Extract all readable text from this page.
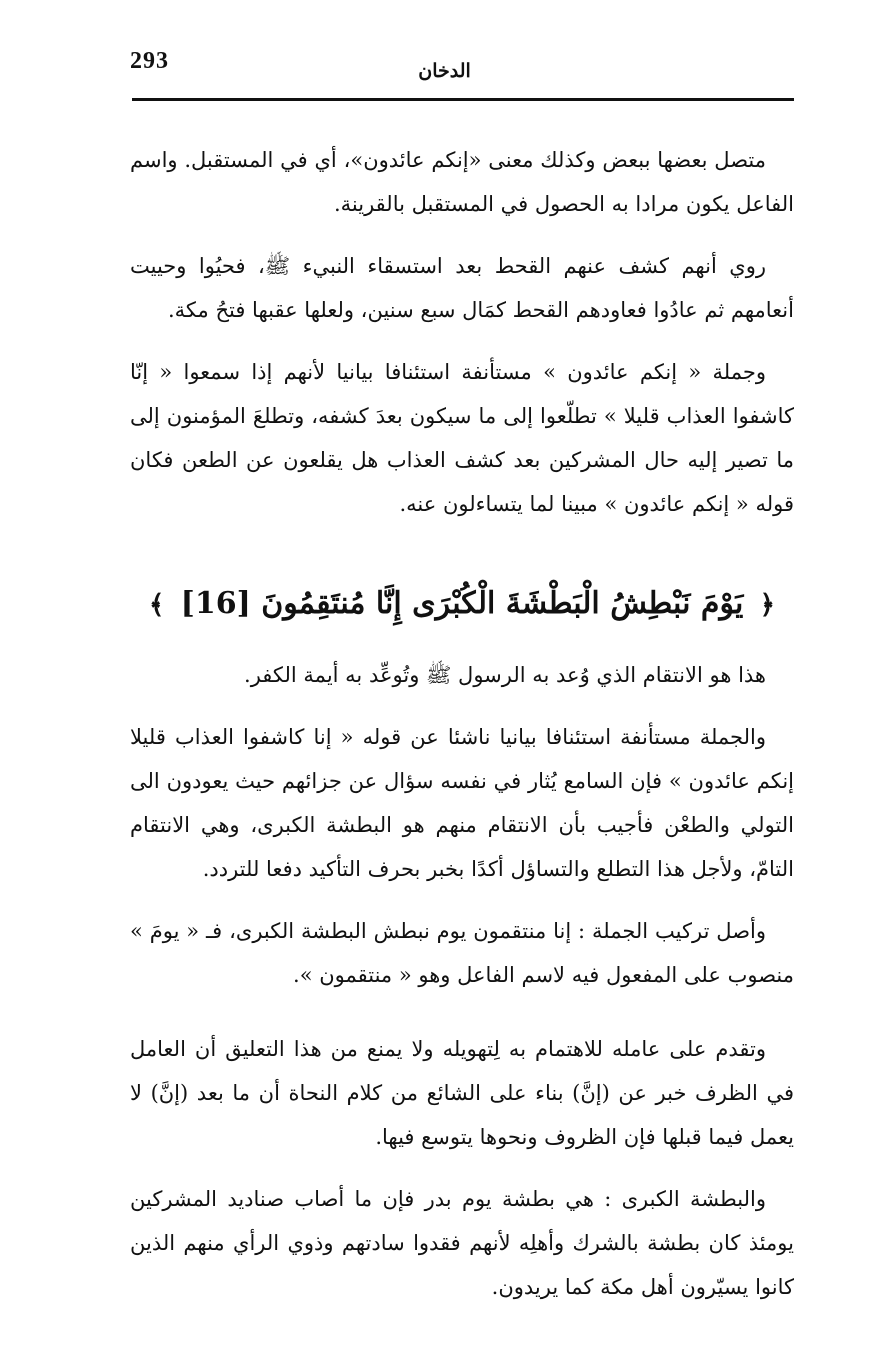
293	الدخان

متصل بعضها ببعض وكذلك معنى «إنكم عائدون»، أي في المستقبل. واسم الفاعل يكون مرادا به الحصول في المستقبل بالقرينة.

روي أنهم كشف عنهم القحط بعد استسقاء النبيء ﷺ، فحيُوا وحييت أنعامهم ثم عادُوا فعاودهم القحط كمَال سبع سنين، ولعلها عقبها فتحُ مكة.

وجملة « إنكم عائدون » مستأنفة استئنافا بيانيا لأنهم إذا سمعوا « إنّا كاشفوا العذاب قليلا » تطلّعوا إلى ما سيكون بعدَ كشفه، وتطلعَ المؤمنون إلى ما تصير إليه حال المشركين بعد كشف العذاب هل يقلعون عن الطعن فكان قوله « إنكم عائدون » مبينا لما يتساءلون عنه.

﴿ يَوْمَ نَبْطِشُ الْبَطْشَةَ الْكُبْرَى إِنَّا مُنتَقِمُونَ [16] ﴾

هذا هو الانتقام الذي وُعد به الرسول ﷺ وتُوعِّد به أيمة الكفر.

والجملة مستأنفة استئنافا بيانيا ناشئا عن قوله « إنا كاشفوا العذاب قليلا إنكم عائدون » فإن السامع يُثار في نفسه سؤال عن جزائهم حيث يعودون الى التولي والطعْن فأجيب بأن الانتقام منهم هو البطشة الكبرى، وهي الانتقام التامّ، ولأجل هذا التطلع والتساؤل أكدًا بخبر بحرف التأكيد دفعا للتردد.

وأصل تركيب الجملة : إنا منتقمون يوم نبطش البطشة الكبرى، فـ « يومَ » منصوب على المفعول فيه لاسم الفاعل وهو « منتقمون ».

وتقدم على عامله للاهتمام به لِتهويله ولا يمنع من هذا التعليق أن العامل في الظرف خبر عن (إنَّ) بناء على الشائع من كلام النحاة أن ما بعد (إنَّ) لا يعمل فيما قبلها فإن الظروف ونحوها يتوسع فيها.

والبطشة الكبرى : هي بطشة يوم بدر فإن ما أصاب صناديد المشركين يومئذ كان بطشة بالشرك وأهلِه لأنهم فقدوا سادتهم وذوي الرأي منهم الذين كانوا يسيّرون أهل مكة كما يريدون.
